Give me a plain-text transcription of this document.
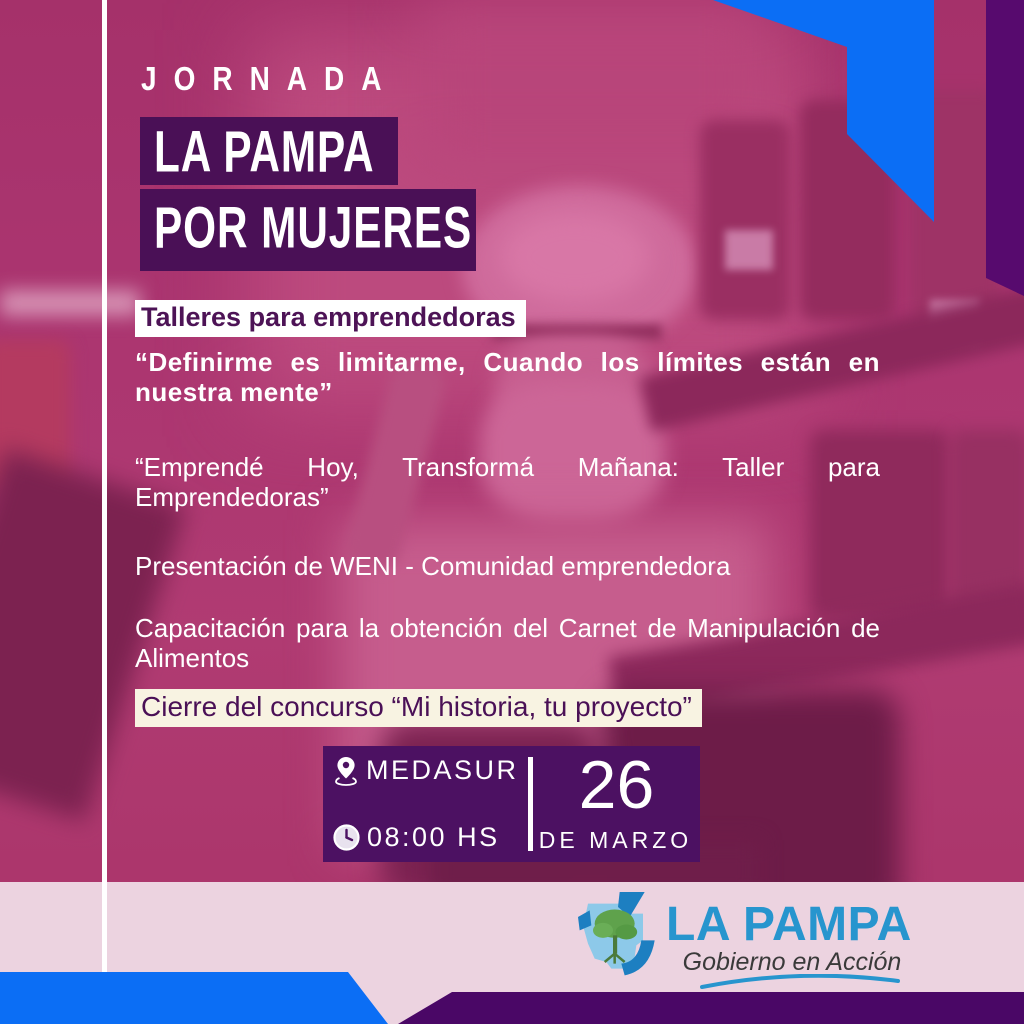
JORNADA
LA PAMPA
POR MUJERES
Talleres para emprendedoras
“Definirme es limitarme, Cuando los límites están en nuestra mente”
“Emprendé Hoy, Transformá Mañana: Taller para Emprendedoras”
Presentación de WENI - Comunidad emprendedora
Capacitación para la obtención del Carnet de Manipulación de Alimentos
Cierre del concurso “Mi historia, tu proyecto”
MEDASUR
08:00 HS
26
DE MARZO
LA PAMPA
Gobierno en Acción
